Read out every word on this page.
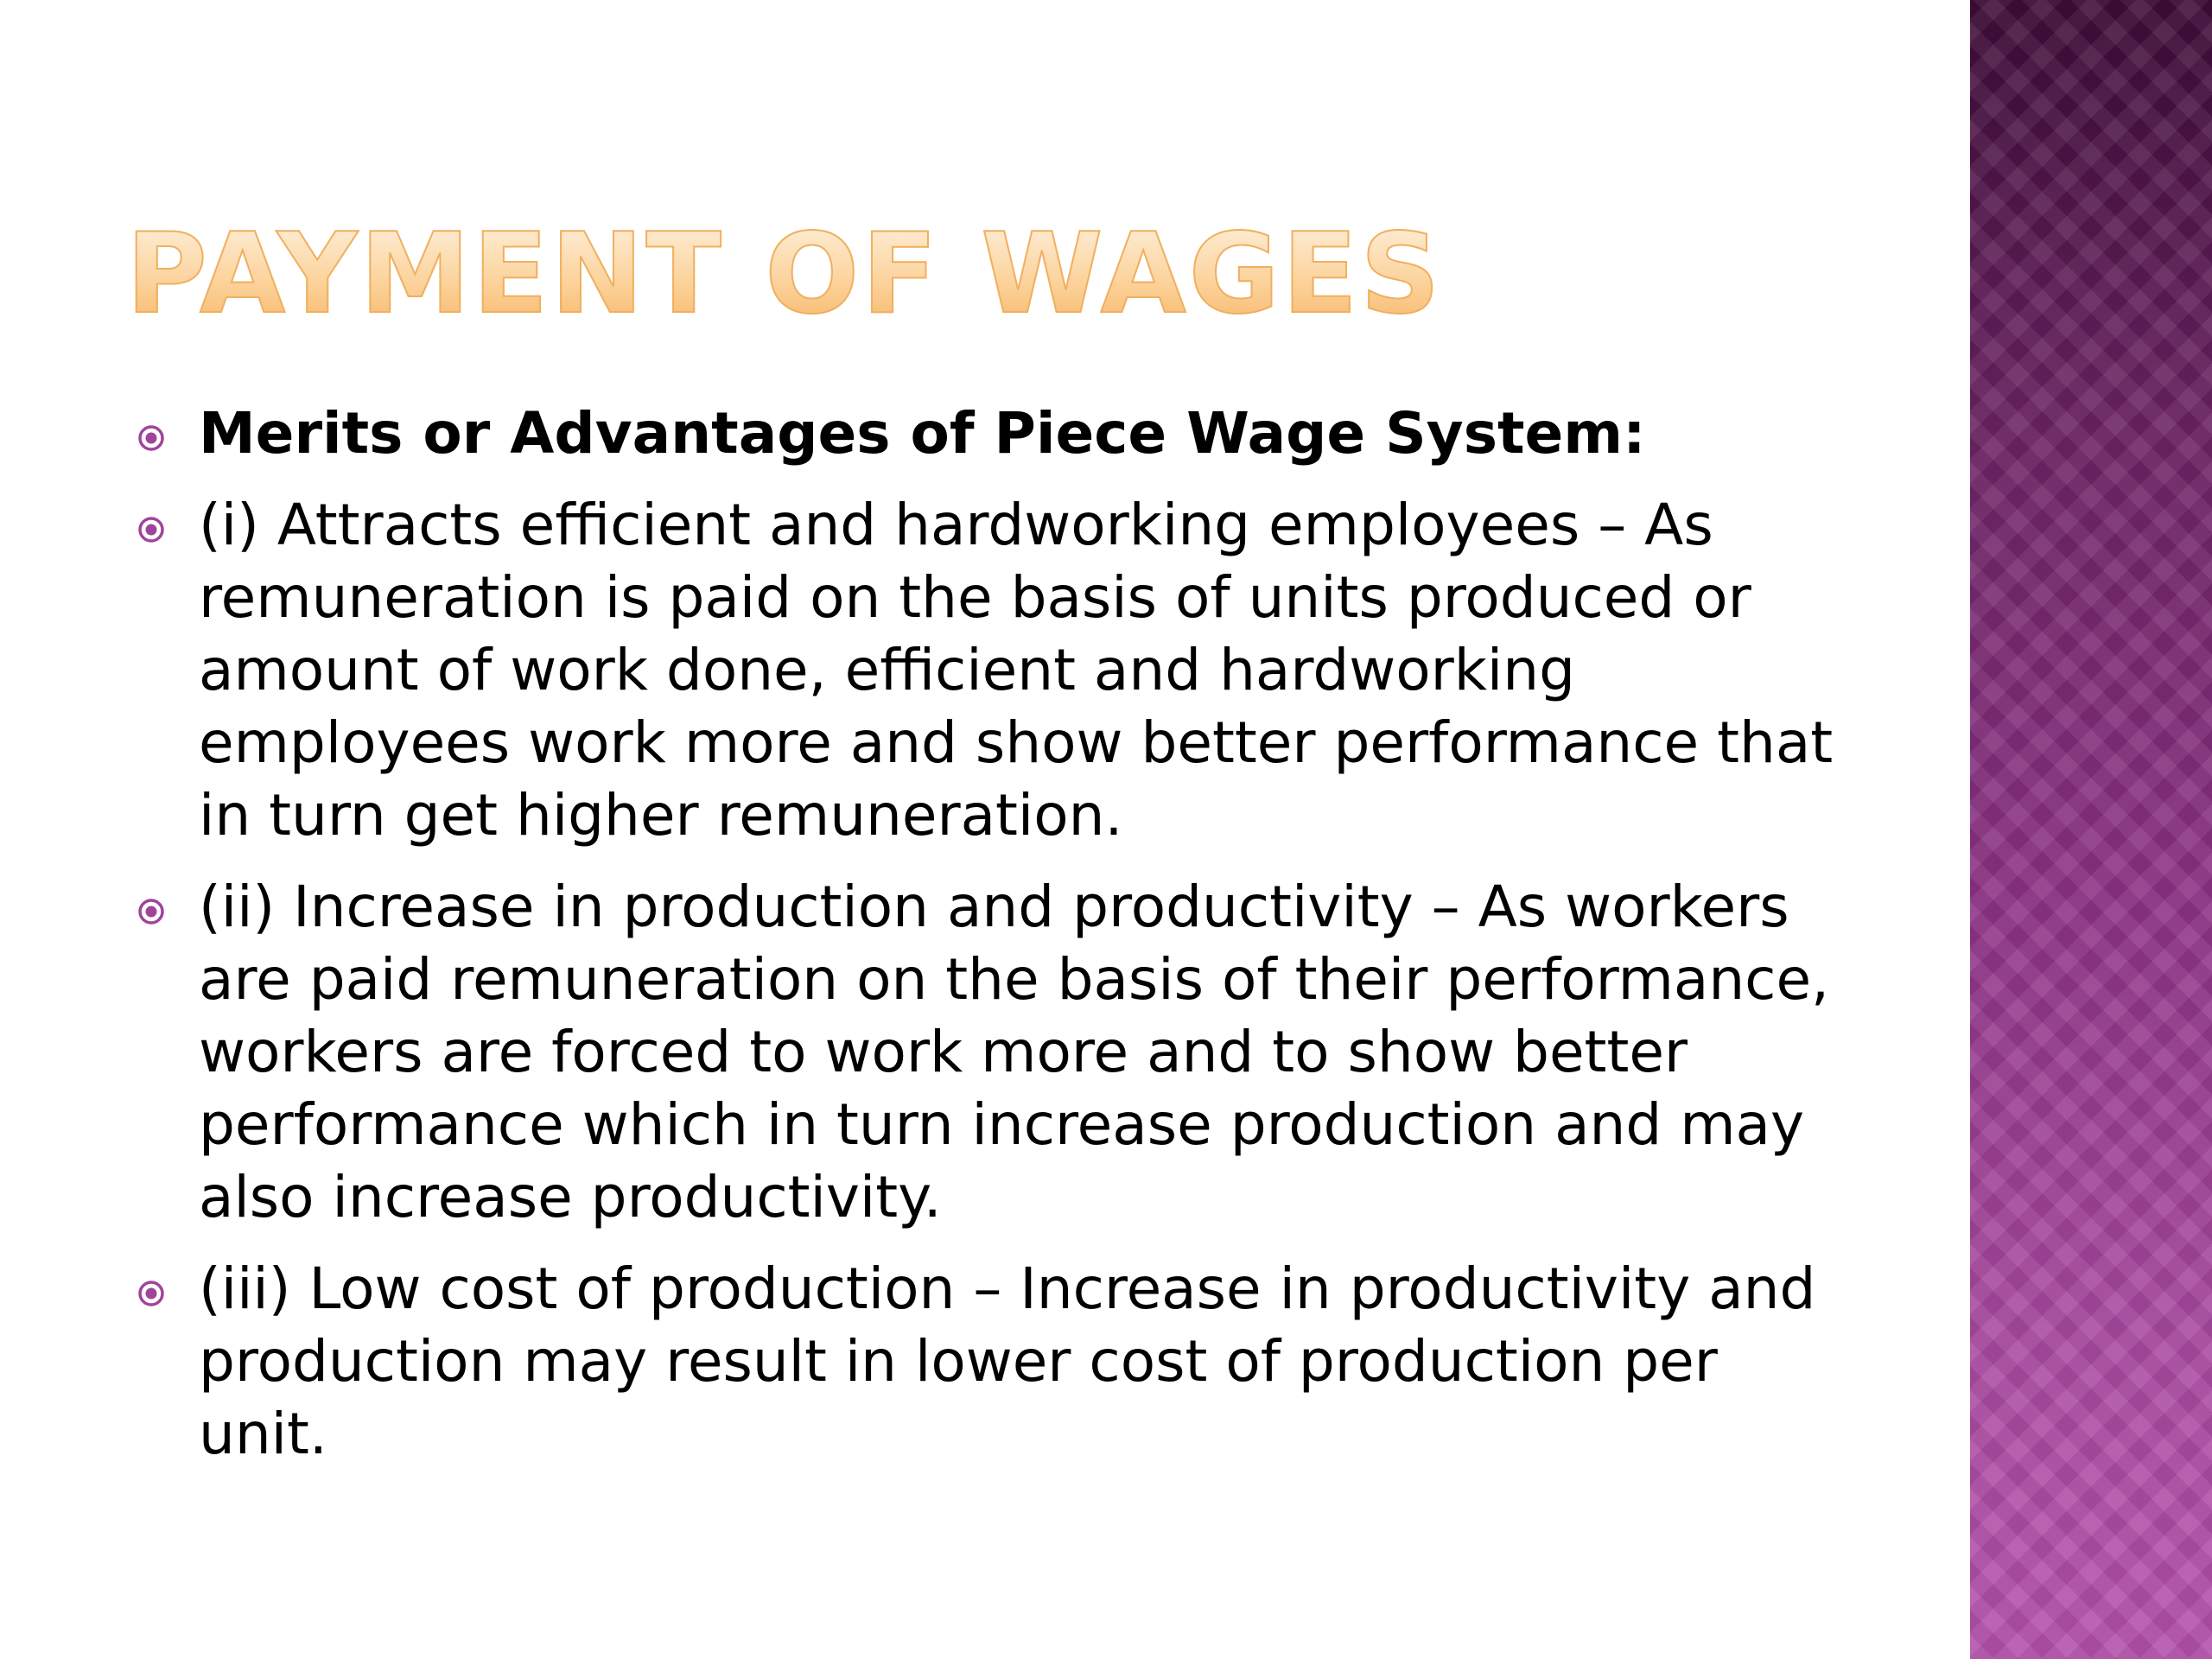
PAYMENT OF WAGES
Merits or Advantages of Piece Wage System:
(i) Attracts efficient and hardworking employees – As remuneration is paid on the basis of units produced or amount of work done, efficient and hardworking employees work more and show better performance that in turn get higher remuneration.
(ii) Increase in production and productivity – As workers are paid remuneration on the basis of their performance, workers are forced to work more and to show better performance which in turn increase production and may also increase productivity.
(iii) Low cost of production – Increase in productivity and production may result in lower cost of production per unit.
